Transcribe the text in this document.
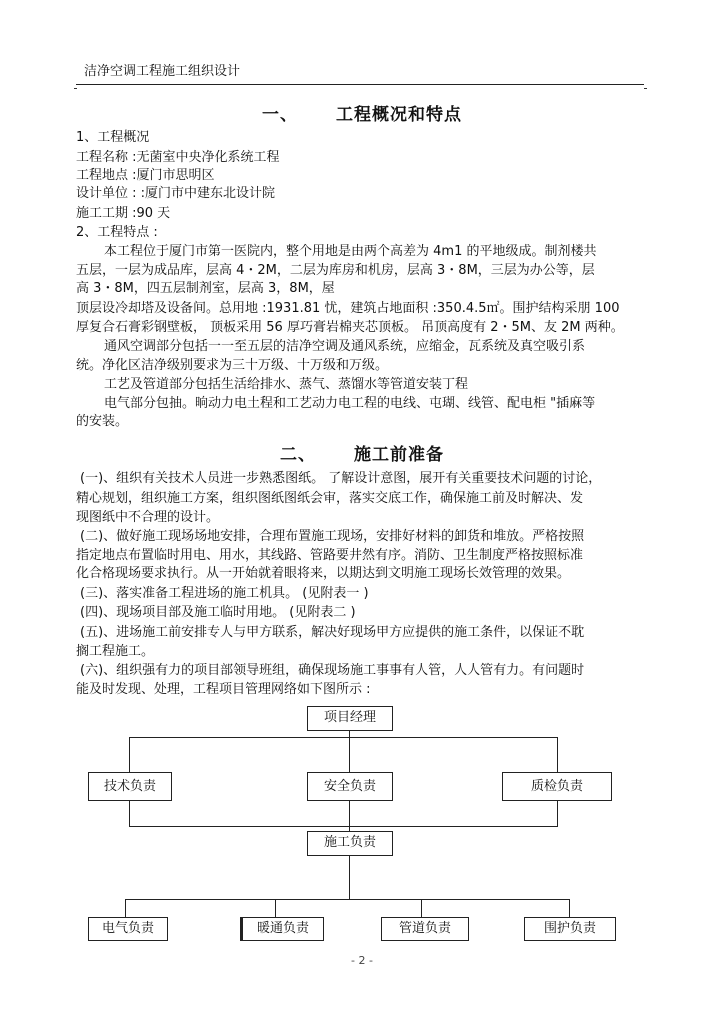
洁净空调工程施工组织设计
一、 工程概况和特点
1、工程概况
工程名称 :无菌室中央净化系统工程
工程地点 :厦门市思明区
设计单位 : :厦门市中建东北设计院
施工工期 :90 天
2、工程特点 :
本工程位于厦门市第一医院内，整个用地是由两个高差为 4m1 的平地级成。制剂楼共
五层，一层为成品库，层高 4・2M，二层为库房和机房，层高 3・8M，三层为办公等，层
高 3・8M，四五层制剂室，层高 3，8M，屋
顶层设冷却塔及设备间。总用地 :1931.81 忧，建筑占地面积 :350.4.5㎡。围护结构采朋 100
厚复合石膏彩钢壁板， 顶板采用 56 厚巧膏岩棉夹芯顶板。 吊顶高度有 2・5M、友 2M 两种。
通风空调部分包括一一至五层的洁净空调及通风系统，应缩金，瓦系统及真空吸引系
统。净化区洁净级别要求为三十万级、十万级和万级。
工艺及管道部分包括生活给排水、蒸气、蒸馏水等管道安装丁程
电气部分包抽。晌动力电土程和工艺动力电工程的电线、屯瑚、线管、配电柜 "插麻等
的安装。
二、 施工前准备
(一)、组织有关技术人员进一步熟悉图纸。 了解设计意图，展开有关重要技术问题的讨论，
精心规划，组织施工方案，组织图纸图纸会审，落实交底工作，确保施工前及时解决、发
现图纸中不合理的设计。
(二)、做好施工现场场地安排，合理布置施工现场，安排好材料的卸货和堆放。严格按照
指定地点布置临时用电、用水，其线路、管路要井然有序。消防、卫生制度严格按照标准
化合格现场要求执行。从一开始就着眼将来，以期达到文明施工现场长效管理的效果。
(三)、落实准备工程进场的施工机具。 (见附表一 )
(四)、现场项目部及施工临时用地。 (见附表二 )
(五)、进场施工前安排专人与甲方联系，解决好现场甲方应提供的施工条件，以保证不耽
搁工程施工。
(六)、组织强有力的项目部领导班组，确保现场施工事事有人管，人人管有力。有问题时
能及时发现、处理，工程项目管理网络如下图所示 :
项目经理
技术负责	安全负责	质检负责
施工负责
电气负责	暖通负责	管道负责	围护负责
- 2 -
